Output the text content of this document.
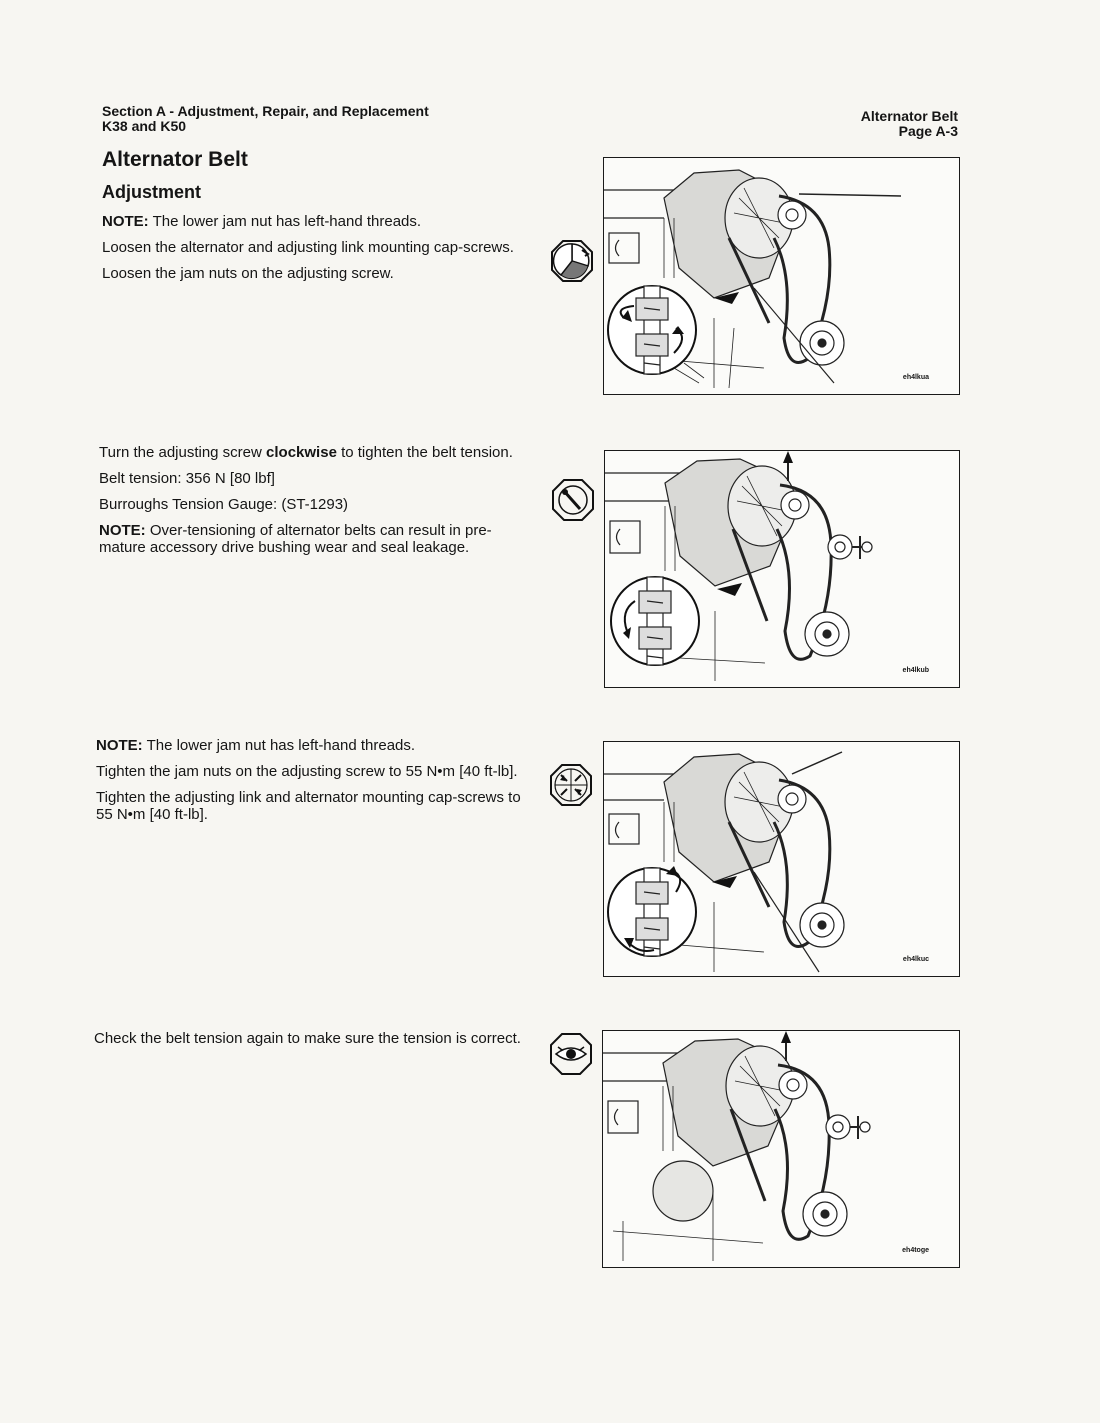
Section A - Adjustment, Repair, and Replacement
K38 and K50
Alternator Belt
Page A-3
Alternator Belt
Adjustment

NOTE: The lower jam nut has left-hand threads.

Loosen the alternator and adjusting link mounting cap-screws.

Loosen the jam nuts on the adjusting screw.

Turn the adjusting screw clockwise to tighten the belt tension.

Belt tension: 356 N [80 lbf]

Burroughs Tension Gauge: (ST-1293)

NOTE: Over-tensioning of alternator belts can result in pre-mature accessory drive bushing wear and seal leakage.

NOTE: The lower jam nut has left-hand threads.

Tighten the jam nuts on the adjusting screw to 55 N•m [40 ft-lb].

Tighten the adjusting link and alternator mounting cap-screws to 55 N•m [40 ft-lb].

Check the belt tension again to make sure the tension is correct.

eh4lkua
eh4lkub
eh4lkuc
eh4toge
